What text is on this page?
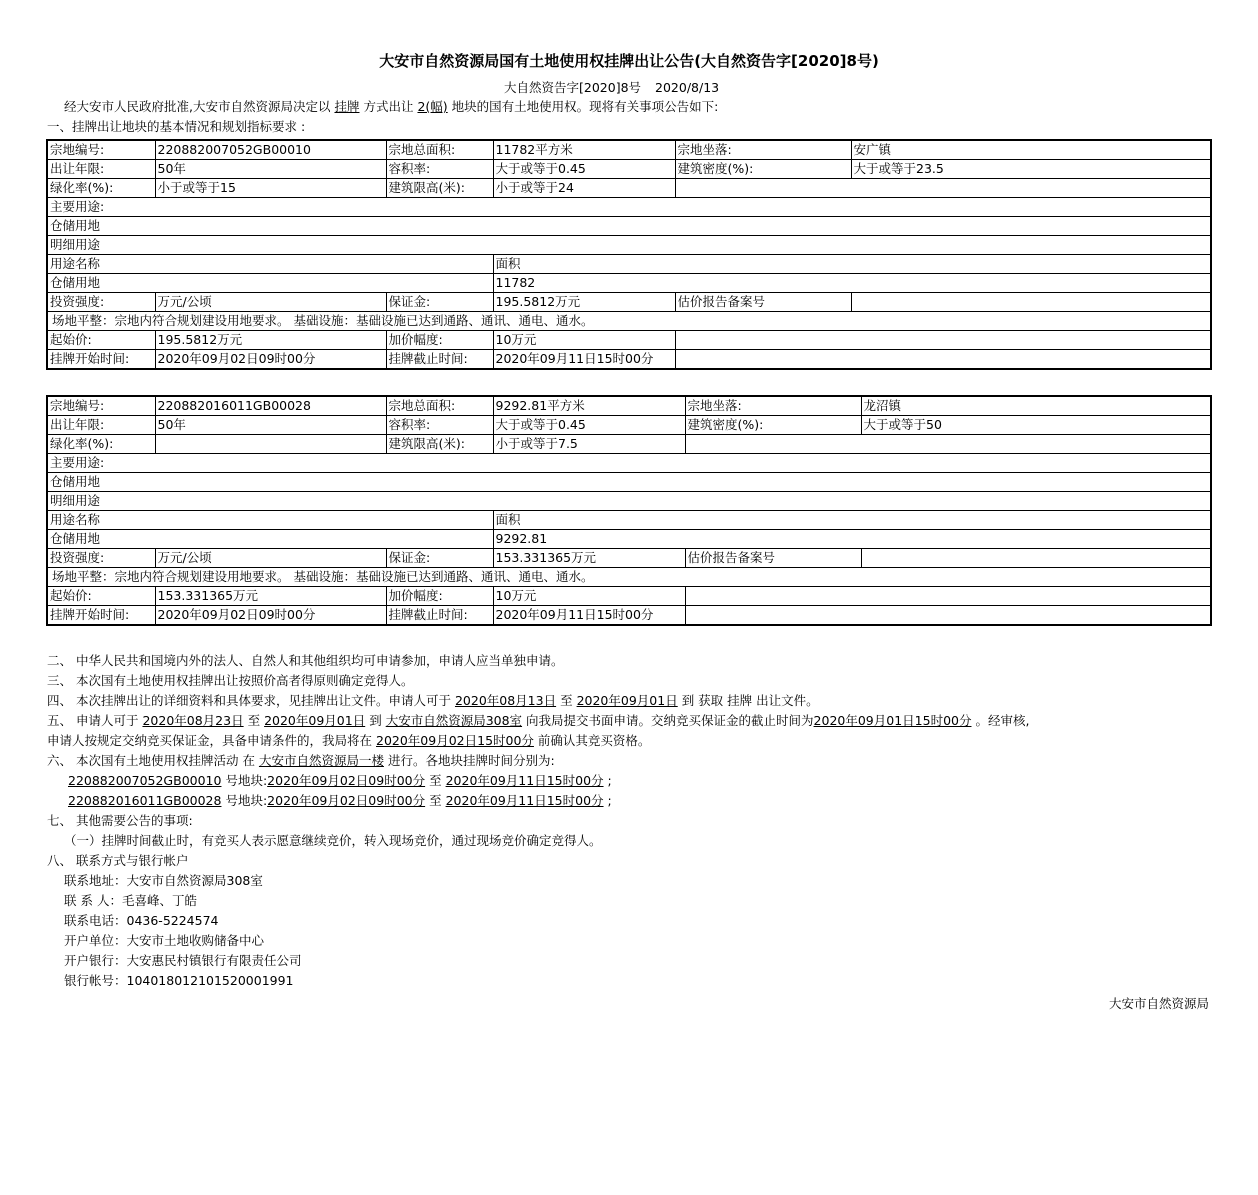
大安市自然资源局国有土地使用权挂牌出让公告(大自然资告字[2020]8号)
大自然资告字[2020]8号 2020/8/13
经大安市人民政府批准,大安市自然资源局决定以 挂牌 方式出让 2(幅) 地块的国有土地使用权。现将有关事项公告如下:
一、挂牌出让地块的基本情况和规划指标要求 :
宗地编号:	220882007052GB00010	宗地总面积:	11782平方米	宗地坐落:	安广镇
出让年限:	50年	容积率:	大于或等于0.45	建筑密度(%):	大于或等于23.5
绿化率(%):	小于或等于15	建筑限高(米):	小于或等于24		
主要用途:					
仓储用地					
明细用途					
用途名称			面积		
仓储用地			11782		
投资强度:	万元/公顷	保证金:	195.5812万元	估价报告备案号	
场地平整：宗地内符合规划建设用地要求。 基础设施：基础设施已达到通路、通讯、通电、通水。					
起始价:	195.5812万元	加价幅度:	10万元		
挂牌开始时间:	2020年09月02日09时00分	挂牌截止时间:	2020年09月11日15时00分		
宗地编号:	220882016011GB00028	宗地总面积:	9292.81平方米	宗地坐落:	龙沼镇
出让年限:	50年	容积率:	大于或等于0.45	建筑密度(%):	大于或等于50
绿化率(%):		建筑限高(米):	小于或等于7.5		
主要用途:					
仓储用地					
明细用途					
用途名称			面积		
仓储用地			9292.81		
投资强度:	万元/公顷	保证金:	153.331365万元	估价报告备案号	
场地平整：宗地内符合规划建设用地要求。 基础设施：基础设施已达到通路、通讯、通电、通水。					
起始价:	153.331365万元	加价幅度:	10万元		
挂牌开始时间:	2020年09月02日09时00分	挂牌截止时间:	2020年09月11日15时00分		
二、 中华人民共和国境内外的法人、自然人和其他组织均可申请参加，申请人应当单独申请。
三、 本次国有土地使用权挂牌出让按照价高者得原则确定竞得人。
四、 本次挂牌出让的详细资料和具体要求，见挂牌出让文件。申请人可于 2020年08月13日 至 2020年09月01日 到 获取 挂牌 出让文件。
五、 申请人可于 2020年08月23日 至 2020年09月01日 到 大安市自然资源局308室 向我局提交书面申请。交纳竞买保证金的截止时间为2020年09月01日15时00分 。经审核,
申请人按规定交纳竞买保证金，具备申请条件的，我局将在 2020年09月02日15时00分 前确认其竞买资格。
六、 本次国有土地使用权挂牌活动 在 大安市自然资源局一楼 进行。各地块挂牌时间分别为:
220882007052GB00010 号地块:2020年09月02日09时00分 至 2020年09月11日15时00分 ;
220882016011GB00028 号地块:2020年09月02日09时00分 至 2020年09月11日15时00分 ;
七、 其他需要公告的事项:
（一）挂牌时间截止时，有竞买人表示愿意继续竞价，转入现场竞价，通过现场竞价确定竞得人。
八、 联系方式与银行帐户
联系地址：大安市自然资源局308室
联 系 人：毛喜峰、丁皓
联系电话：0436-5224574
开户单位：大安市土地收购储备中心
开户银行：大安惠民村镇银行有限责任公司
银行帐号：104018012101520001991
大安市自然资源局
